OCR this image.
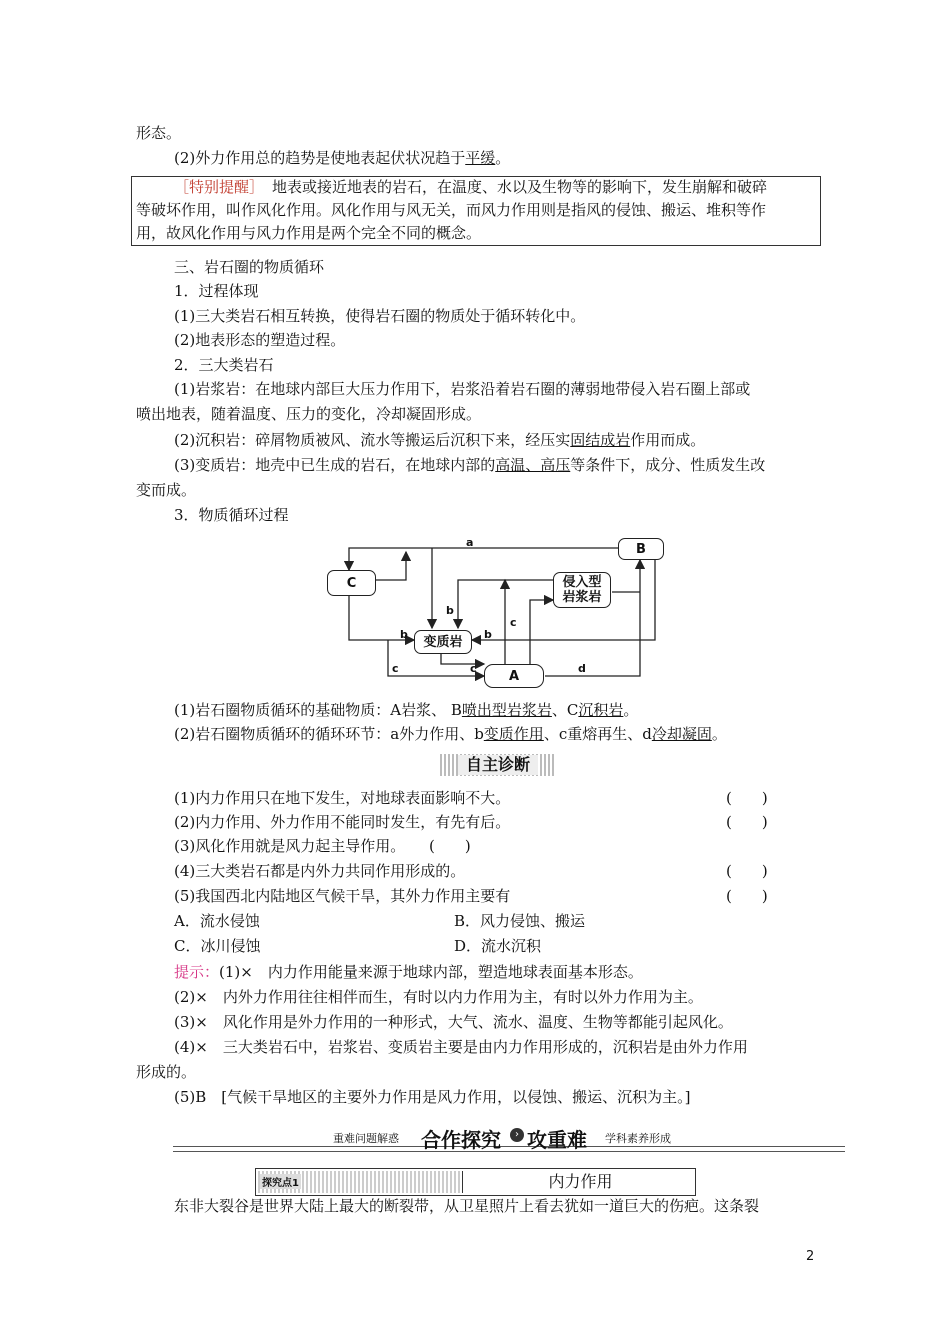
形态。
(2)外力作用总的趋势是使地表起伏状况趋于平缓。
［特别提醒］ 地表或接近地表的岩石，在温度、水以及生物等的影响下，发生崩解和破碎
等破坏作用，叫作风化作用。风化作用与风无关，而风力作用则是指风的侵蚀、搬运、堆积等作
用，故风化作用与风力作用是两个完全不同的概念。
三、岩石圈的物质循环
1．过程体现
(1)三大类岩石相互转换，使得岩石圈的物质处于循环转化中。
(2)地表形态的塑造过程。
2．三大类岩石
(1)岩浆岩：在地球内部巨大压力作用下，岩浆沿着岩石圈的薄弱地带侵入岩石圈上部或
喷出地表，随着温度、压力的变化，冷却凝固形成。
(2)沉积岩：碎屑物质被风、流水等搬运后沉积下来，经压实固结成岩作用而成。
(3)变质岩：地壳中已生成的岩石，在地球内部的高温、高压等条件下，成分、性质发生改
变而成。
3．物质循环过程
B
C	侵入型
岩浆岩
变质岩
A
a
b
b	b
c
c	c	d
(1)岩石圈物质循环的基础物质：A岩浆、 B喷出型岩浆岩、C沉积岩。
(2)岩石圈物质循环的循环环节：a外力作用、b变质作用、c重熔再生、d冷却凝固。
自主诊断
(1)内力作用只在地下发生，对地球表面影响不大。	(　　)
(2)内力作用、外力作用不能同时发生，有先有后。	(　　)
(3)风化作用就是风力起主导作用。 (　　)
(4)三大类岩石都是内外力共同作用形成的。	(　　)
(5)我国西北内陆地区气候干旱，其外力作用主要有	(　　)
A．流水侵蚀	B．风力侵蚀、搬运
C．冰川侵蚀	D．流水沉积
提示：(1)×　内力作用能量来源于地球内部，塑造地球表面基本形态。
(2)×　内外力作用往往相伴而生，有时以内力作用为主，有时以外力作用为主。
(3)×　风化作用是外力作用的一种形式，大气、流水、温度、生物等都能引起风化。
(4)×　三大类岩石中，岩浆岩、变质岩主要是由内力作用形成的，沉积岩是由外力作用
形成的。
(5)B　[气候干旱地区的主要外力作用是风力作用，以侵蚀、搬运、沉积为主。]
重难问题解惑 合作探究	› 攻重难 学科素养形成
探究点1	内力作用
东非大裂谷是世界大陆上最大的断裂带，从卫星照片上看去犹如一道巨大的伤疤。这条裂
2
